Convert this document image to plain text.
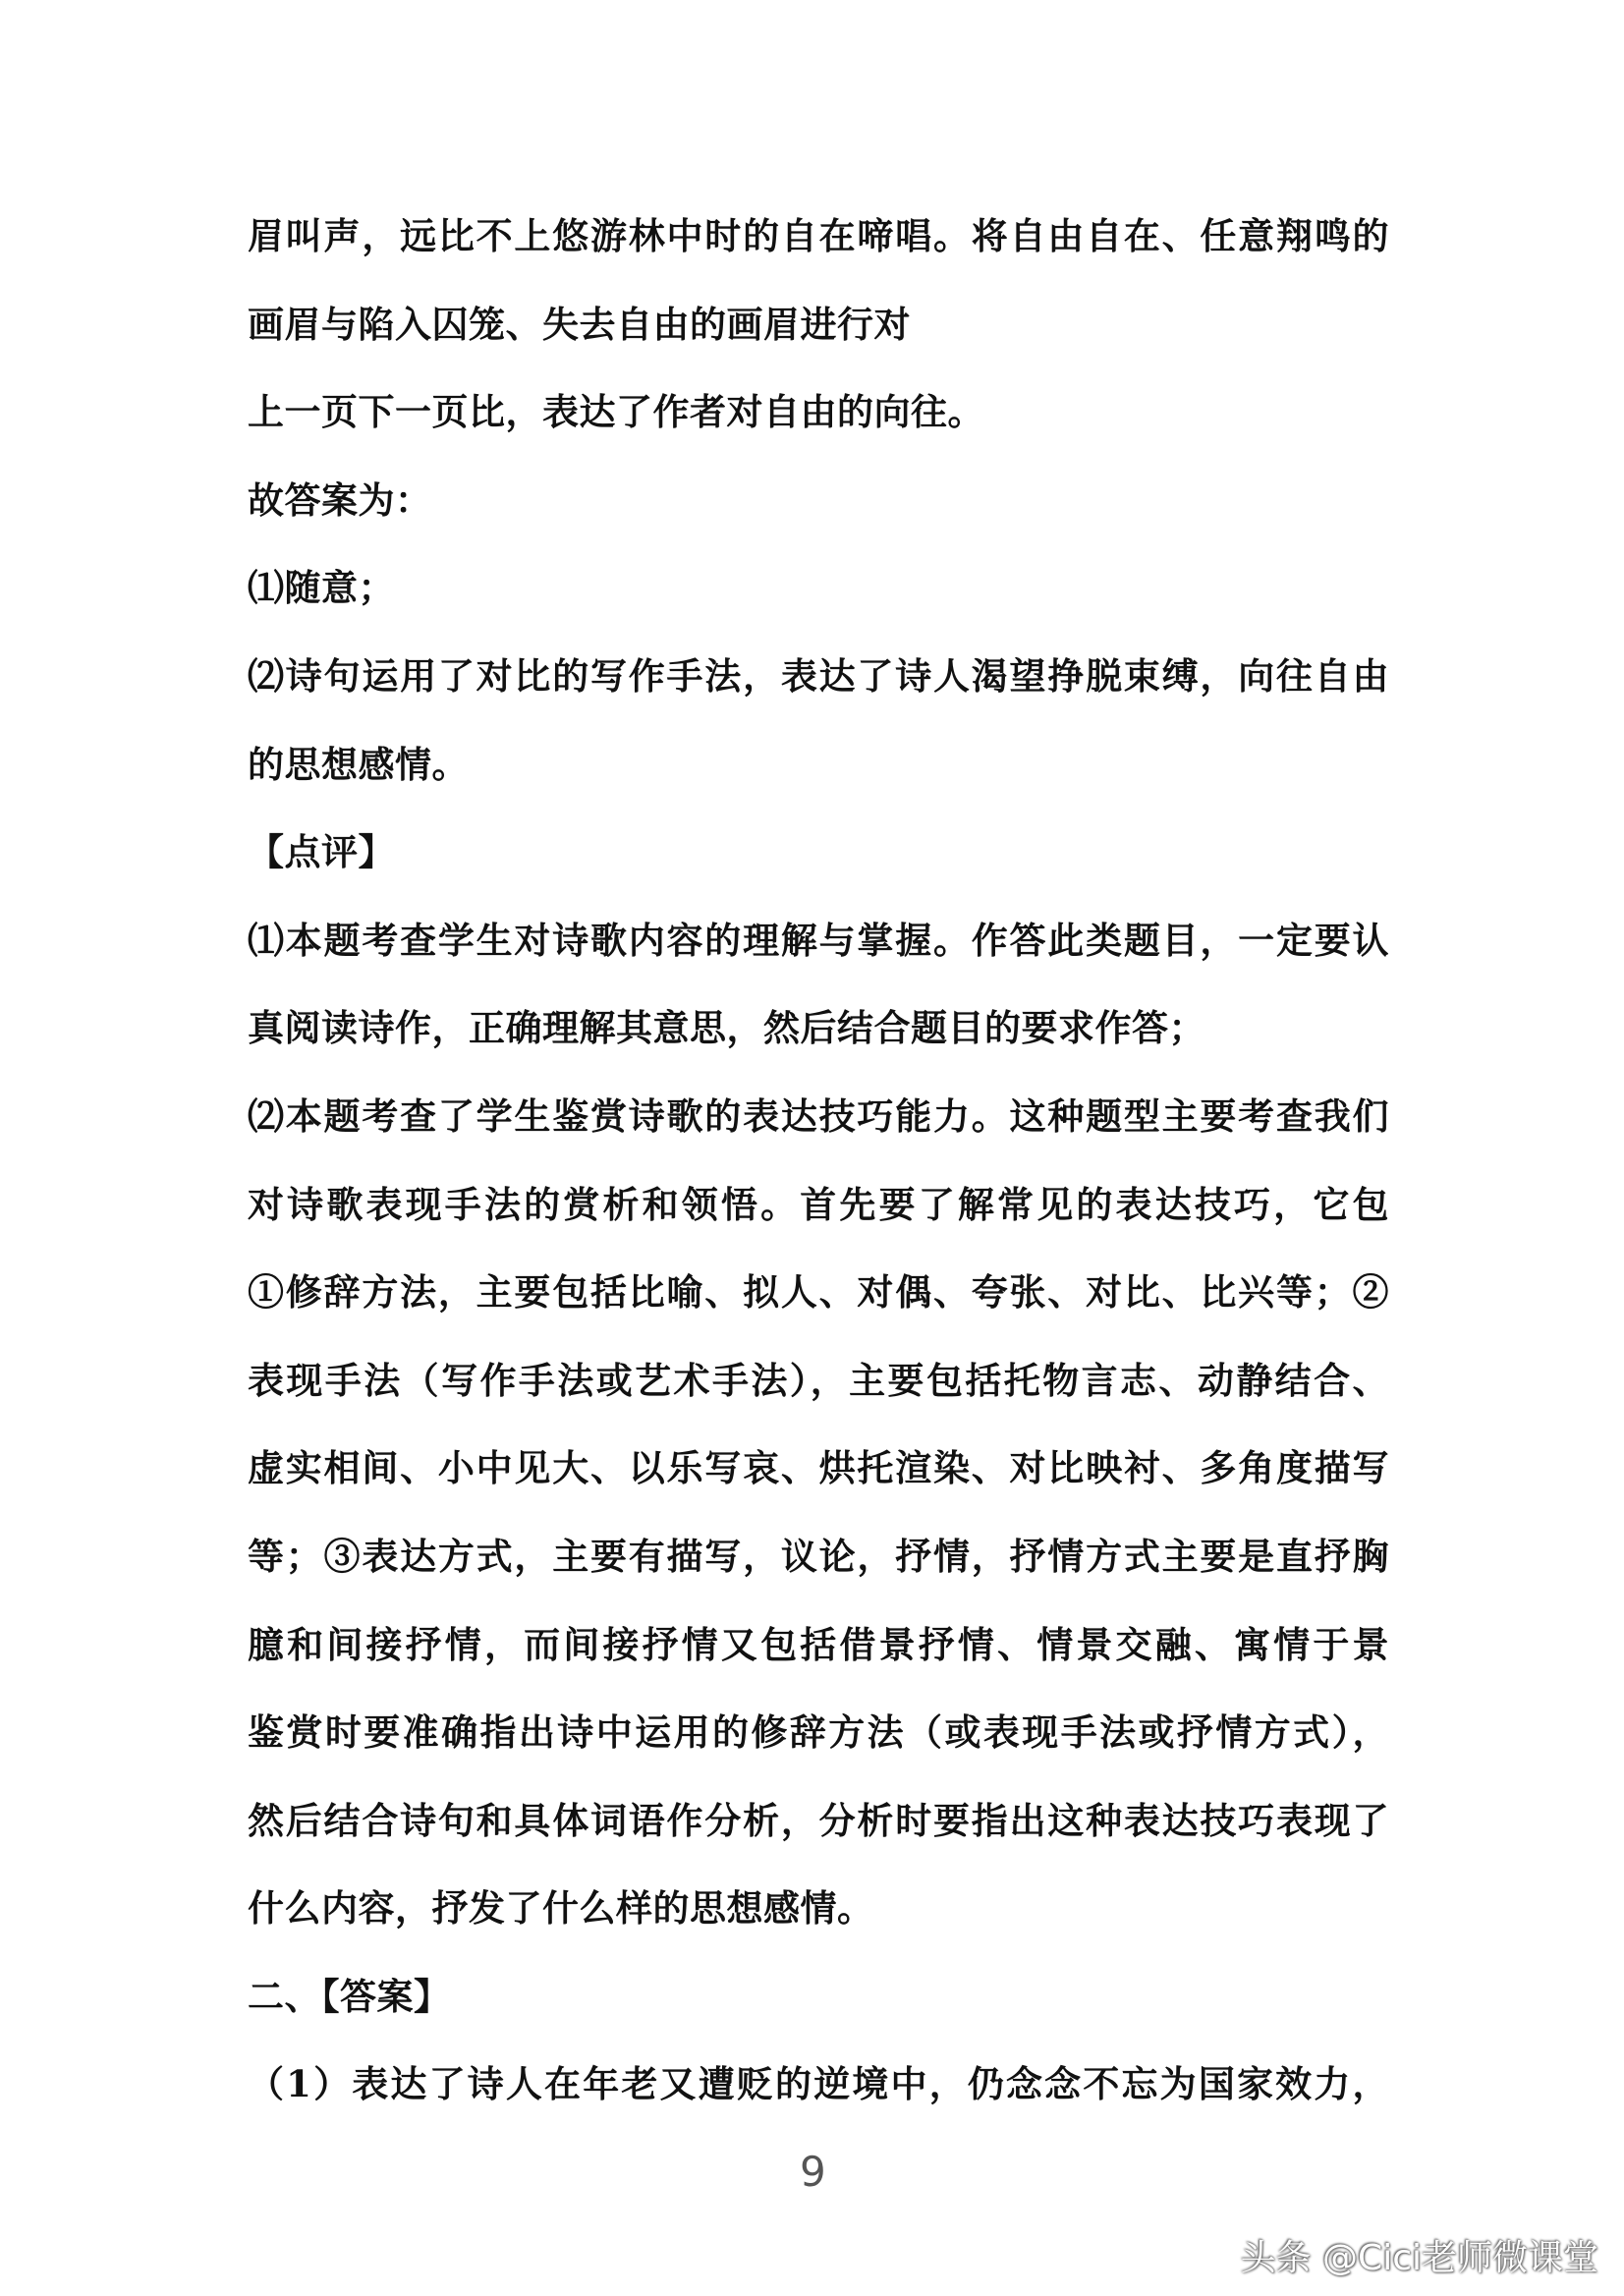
眉叫声，远比不上悠游林中时的自在啼唱。将自由自在、任意翔鸣的
画眉与陷入囚笼、失去自由的画眉进行对
上一页下一页比，表达了作者对自由的向往。
故答案为：
⑴随意；
⑵诗句运用了对比的写作手法，表达了诗人渴望挣脱束缚，向往自由
的思想感情。
【点评】
⑴本题考查学生对诗歌内容的理解与掌握。作答此类题目，一定要认
真阅读诗作，正确理解其意思，然后结合题目的要求作答；
⑵本题考查了学生鉴赏诗歌的表达技巧能力。这种题型主要考查我们
对诗歌表现手法的赏析和领悟。首先要了解常见的表达技巧，它包
①修辞方法，主要包括比喻、拟人、对偶、夸张、对比、比兴等；②
表现手法（写作手法或艺术手法），主要包括托物言志、动静结合、
虚实相间、小中见大、以乐写哀、烘托渲染、对比映衬、多角度描写
等；③表达方式，主要有描写，议论，抒情，抒情方式主要是直抒胸
臆和间接抒情，而间接抒情又包括借景抒情、情景交融、寓情于景
鉴赏时要准确指出诗中运用的修辞方法（或表现手法或抒情方式），
然后结合诗句和具体词语作分析，分析时要指出这种表达技巧表现了
什么内容，抒发了什么样的思想感情。
二、【答案】
（1）表达了诗人在年老又遭贬的逆境中，仍念念不忘为国家效力，
9
头条 @Cici老师微课堂
